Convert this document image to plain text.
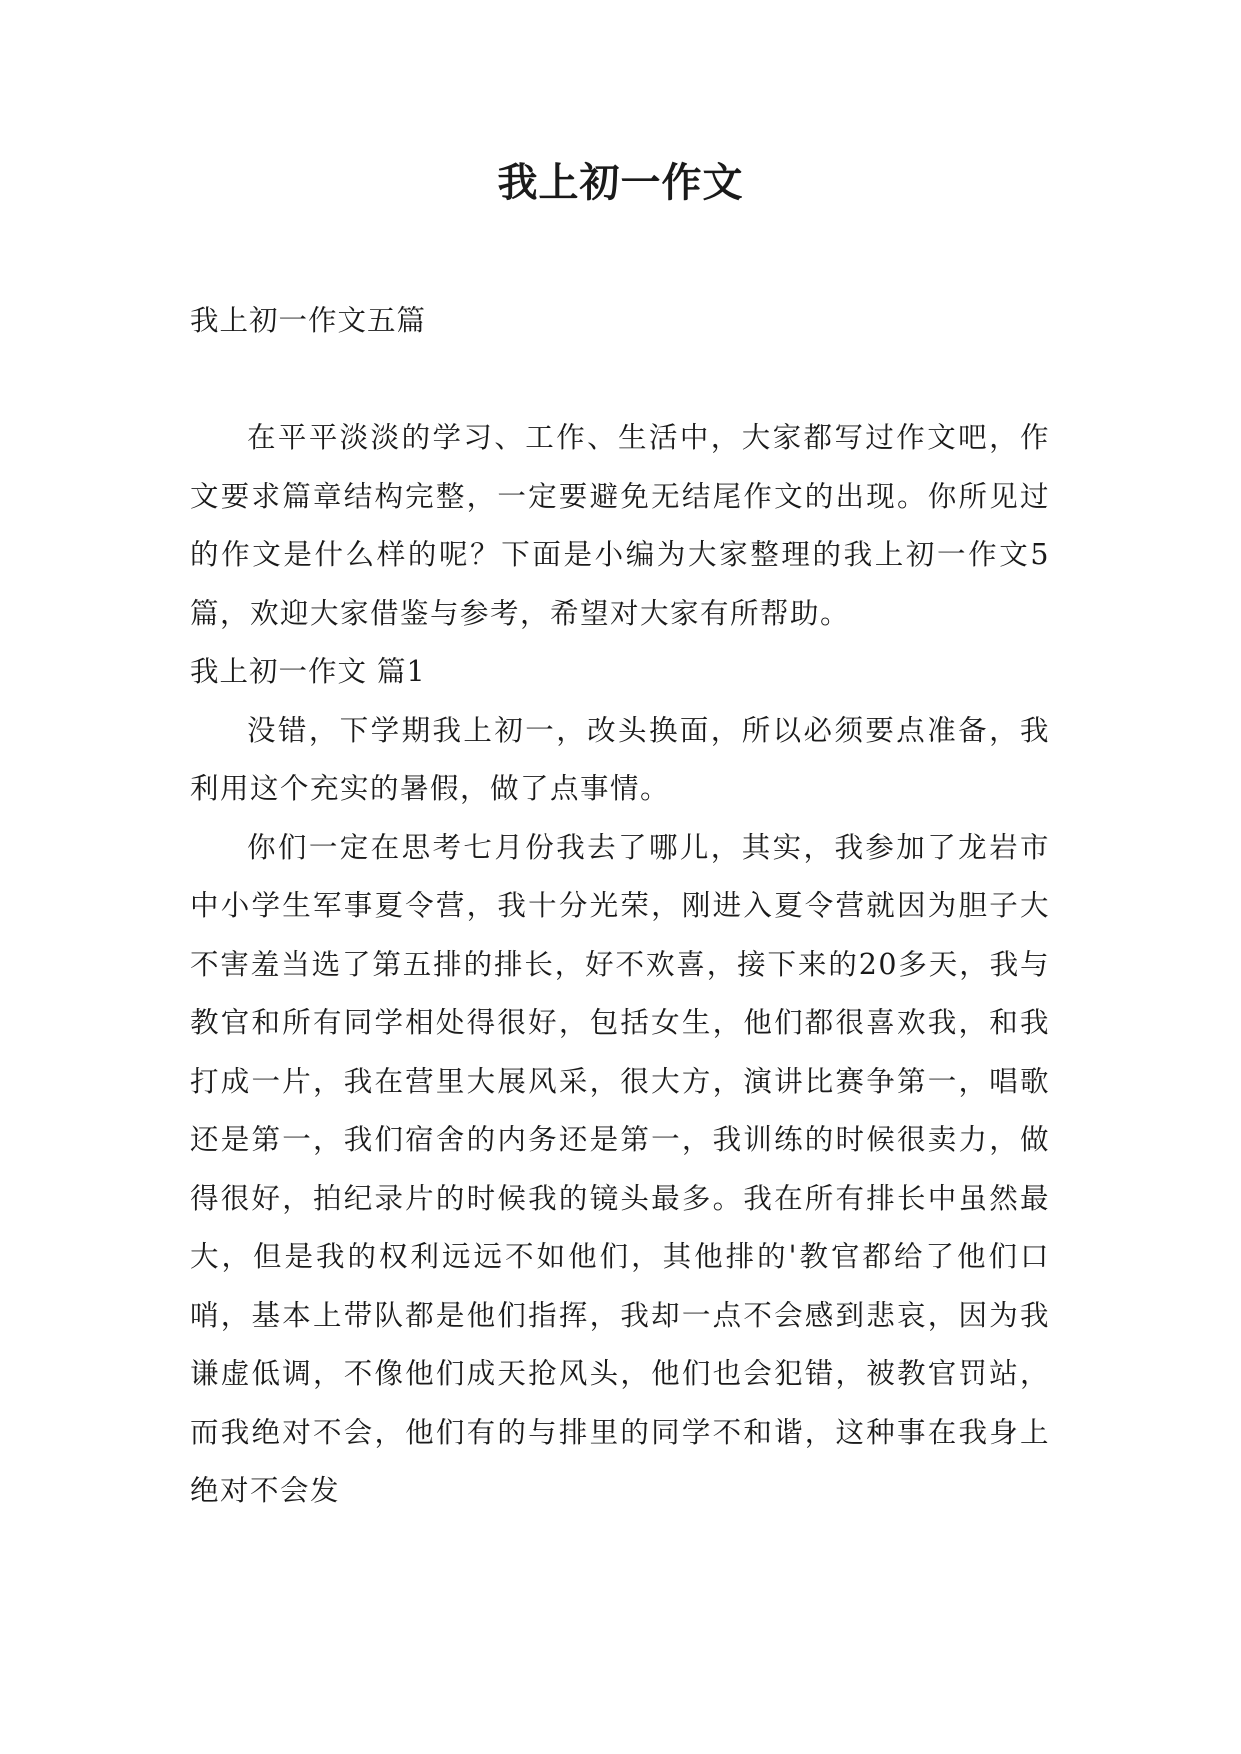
我上初一作文

我上初一作文五篇

在平平淡淡的学习、工作、生活中，大家都写过作文吧，作文要求篇章结构完整，一定要避免无结尾作文的出现。你所见过的作文是什么样的呢？下面是小编为大家整理的我上初一作文5篇，欢迎大家借鉴与参考，希望对大家有所帮助。

我上初一作文 篇1

没错，下学期我上初一，改头换面，所以必须要点准备，我利用这个充实的暑假，做了点事情。

你们一定在思考七月份我去了哪儿，其实，我参加了龙岩市中小学生军事夏令营，我十分光荣，刚进入夏令营就因为胆子大不害羞当选了第五排的排长，好不欢喜，接下来的20多天，我与教官和所有同学相处得很好，包括女生，他们都很喜欢我，和我打成一片，我在营里大展风采，很大方，演讲比赛争第一，唱歌还是第一，我们宿舍的内务还是第一，我训练的时候很卖力，做得很好，拍纪录片的时候我的镜头最多。我在所有排长中虽然最大，但是我的权利远远不如他们，其他排的'教官都给了他们口哨，基本上带队都是他们指挥，我却一点不会感到悲哀，因为我谦虚低调，不像他们成天抢风头，他们也会犯错，被教官罚站，而我绝对不会，他们有的与排里的同学不和谐，这种事在我身上绝对不会发
